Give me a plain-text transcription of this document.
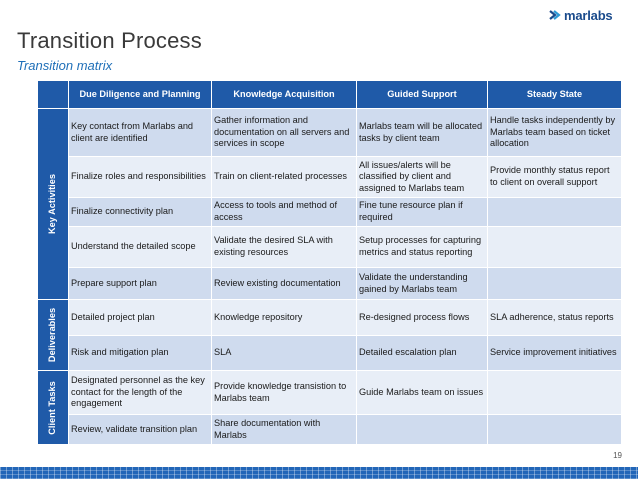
marlabs
Transition Process
Transition matrix
	Due Diligence and Planning	Knowledge Acquisition	Guided Support	Steady State

Key Activities	Key contact from Marlabs and client are identified	Gather information and documentation on all servers and services in scope	Marlabs team will be allocated tasks by client team	Handle tasks independently by Marlabs team based on ticket allocation
	Finalize roles and responsibilities	Train on client-related processes	All issues/alerts will be classified by client and assigned to Marlabs team	Provide monthly status report to client on overall support
	Finalize connectivity plan	Access to tools and method of access	Fine tune resource plan if required	
	Understand the detailed scope	Validate the desired SLA with existing resources	Setup processes for capturing metrics and status reporting	
	Prepare support plan	Review existing documentation	Validate the understanding gained by Marlabs team	

Deliverables	Detailed project plan	Knowledge repository	Re-designed process flows	SLA adherence, status reports
	Risk and mitigation plan	SLA	Detailed escalation plan	Service improvement initiatives

Client Tasks	Designated personnel as the key contact for the length of the engagement	Provide knowledge transistion to Marlabs team	Guide Marlabs team on issues	
	Review, validate transition plan	Share documentation with Marlabs		
19
